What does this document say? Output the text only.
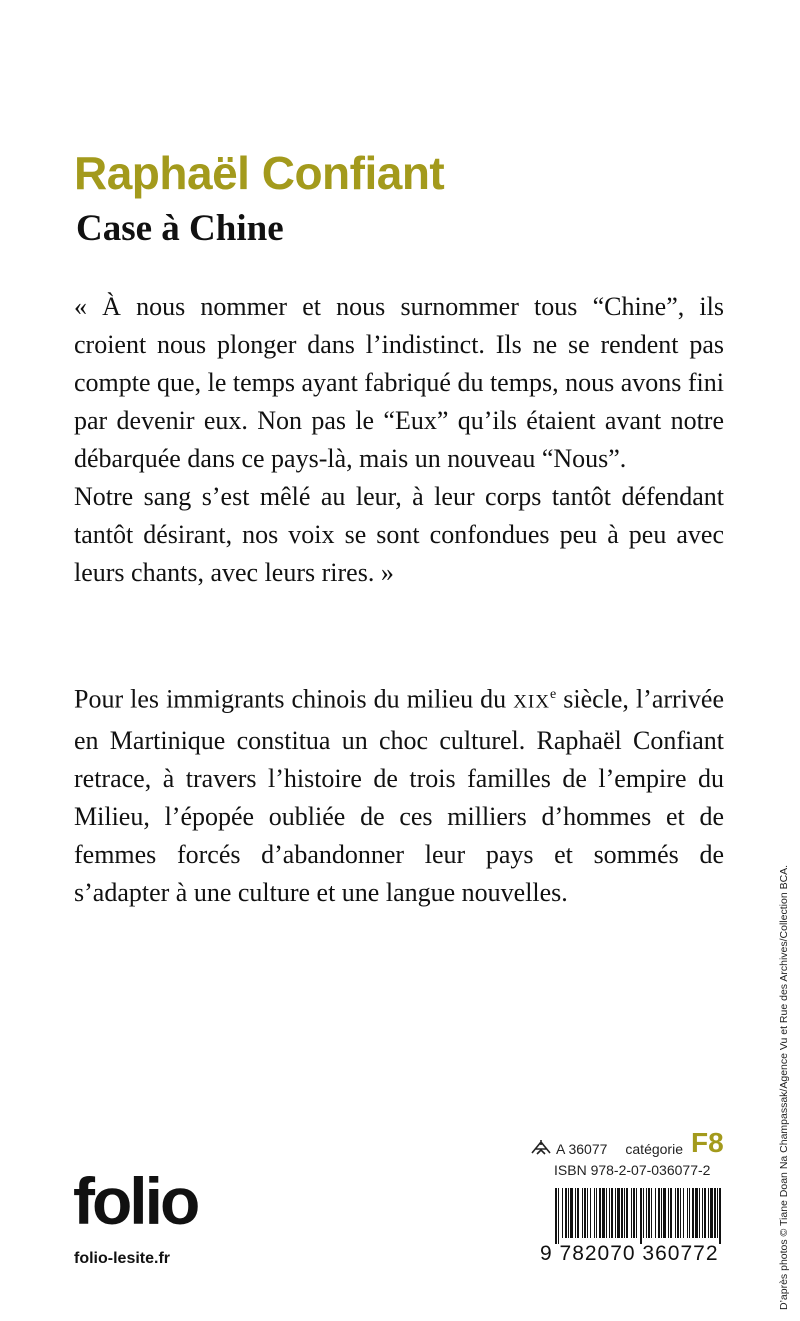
Raphaël Confiant
Case à Chine

« À nous nommer et nous surnommer tous “Chine”, ils croient nous plonger dans l’indistinct. Ils ne se rendent pas compte que, le temps ayant fabriqué du temps, nous avons fini par devenir eux. Non pas le “Eux” qu’ils étaient avant notre débarquée dans ce pays-là, mais un nouveau “Nous”.

Notre sang s’est mêlé au leur, à leur corps tantôt défendant tantôt désirant, nos voix se sont confondues peu à peu avec leurs chants, avec leurs rires. »

Pour les immigrants chinois du milieu du XIXe siècle, l’arrivée en Martinique constitua un choc culturel. Raphaël Confiant retrace, à travers l’histoire de trois familles de l’empire du Milieu, l’épopée oubliée de ces milliers d’hommes et de femmes forcés d’abandonner leur pays et sommés de s’adapter à une culture et une langue nouvelles.	D’après photos © Tiane Doan Na Champassak/Agence Vu et Rue des Archives/Collection BCA.
A 36077 catégorie F8
ISBN 978-2-07-036077-2
9 782070 360772
folio
folio-lesite.fr
